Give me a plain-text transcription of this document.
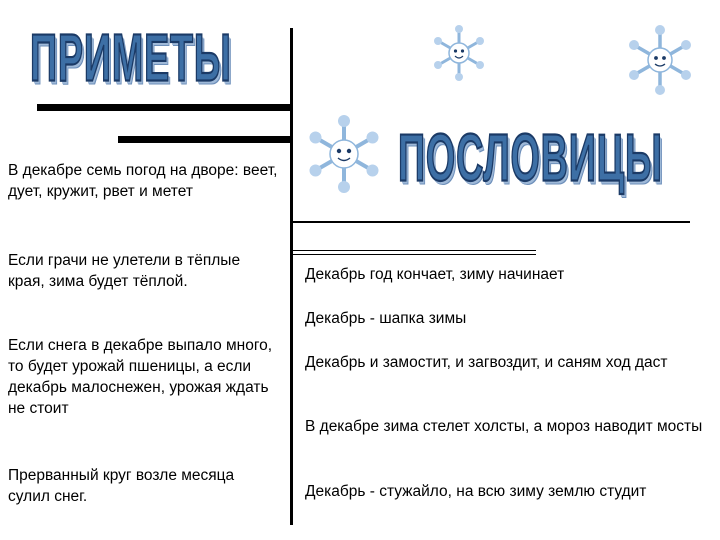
ПРИМЕТЫ
ПОСЛОВИЦЫ
В декабре семь погод на дворе: веет, дует, кружит, рвет и метет
Если грачи не улетели в тёплые края, зима будет тёплой.
Если снега в декабре выпало много, то будет урожай пшеницы, а если декабрь малоснежен, урожая ждать не стоит
Прерванный круг возле месяца сулил снег.
Декабрь год кончает, зиму начинает
Декабрь - шапка зимы
Декабрь и замостит, и загвоздит, и саням ход даст
В декабре зима стелет холсты, а мороз наводит мосты
Декабрь - стужайло, на всю зиму землю студит
